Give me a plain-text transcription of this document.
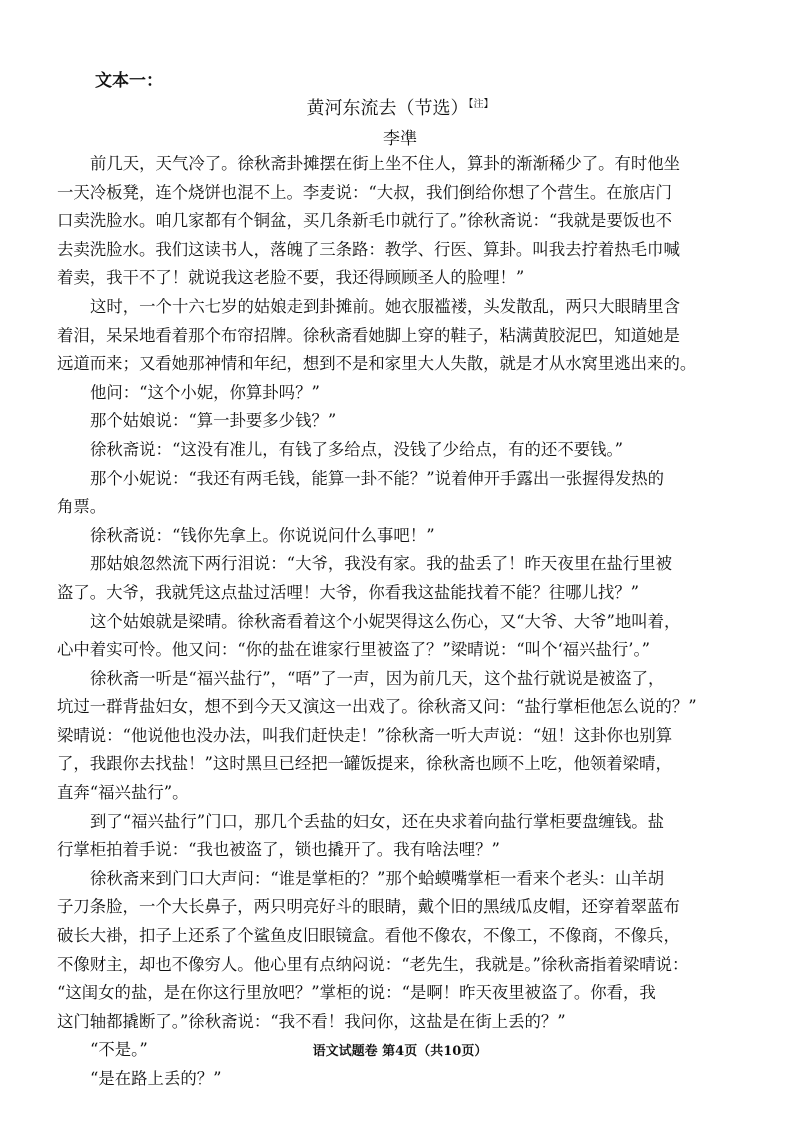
文本一：
黄河东流去（节选）$^{【注】}$
李凖
前几天，天气冷了。徐秋斋卦摊摆在街上坐不住人，算卦的渐渐稀少了。有时他坐
一天冷板凳，连个烧饼也混不上。李麦说：“大叔，我们倒给你想了个营生。在旅店门
口卖洗脸水。咱几家都有个铜盆，买几条新毛巾就行了。”徐秋斋说：“我就是要饭也不
去卖洗脸水。我们这读书人，落魄了三条路：教学、行医、算卦。叫我去拧着热毛巾喊
着卖，我干不了！就说我这老脸不要，我还得顾顾圣人的脸哩！”
这时，一个十六七岁的姑娘走到卦摊前。她衣服褴褛，头发散乱，两只大眼睛里含
着泪，呆呆地看着那个布帘招牌。徐秋斋看她脚上穿的鞋子，粘满黄胶泥巴，知道她是
远道而来；又看她那神情和年纪，想到不是和家里大人失散，就是才从水窝里逃出来的。
他问：“这个小妮，你算卦吗？”
那个姑娘说：“算一卦要多少钱？”
徐秋斋说：“这没有准儿，有钱了多给点，没钱了少给点，有的还不要钱。”
那个小妮说：“我还有两毛钱，能算一卦不能？”说着伸开手露出一张握得发热的
角票。
徐秋斋说：“钱你先拿上。你说说问什么事吧！”
那姑娘忽然流下两行泪说：“大爷，我没有家。我的盐丢了！昨天夜里在盐行里被
盗了。大爷，我就凭这点盐过活哩！大爷，你看我这盐能找着不能？往哪儿找？”
这个姑娘就是梁晴。徐秋斋看着这个小妮哭得这么伤心，又“大爷、大爷”地叫着，
心中着实可怜。他又问：“你的盐在谁家行里被盗了？”梁晴说：“叫个‘福兴盐行’。”
徐秋斋一听是“福兴盐行”，“唔”了一声，因为前几天，这个盐行就说是被盗了，
坑过一群背盐妇女，想不到今天又演这一出戏了。徐秋斋又问：“盐行掌柜他怎么说的？”
梁晴说：“他说他也没办法，叫我们赶快走！”徐秋斋一听大声说：“妞！这卦你也别算
了，我跟你去找盐！”这时黑旦已经把一罐饭提来，徐秋斋也顾不上吃，他领着梁晴，
直奔“福兴盐行”。
到了“福兴盐行”门口，那几个丢盐的妇女，还在央求着向盐行掌柜要盘缠钱。盐
行掌柜拍着手说：“我也被盗了，锁也撬开了。我有啥法哩？”
徐秋斋来到门口大声问：“谁是掌柜的？”那个蛤蟆嘴掌柜一看来个老头：山羊胡
子刀条脸，一个大长鼻子，两只明亮好斗的眼睛，戴个旧的黑绒瓜皮帽，还穿着翠蓝布
破长大褂，扣子上还系了个鲨鱼皮旧眼镜盒。看他不像农，不像工，不像商，不像兵，
不像财主，却也不像穷人。他心里有点纳闷说：“老先生，我就是。”徐秋斋指着梁晴说：
“这闺女的盐，是在你这行里放吧？”掌柜的说：“是啊！昨天夜里被盗了。你看，我
这门轴都撬断了。”徐秋斋说：“我不看！我问你，这盐是在街上丢的？”
“不是。”
“是在路上丢的？”
语文试题卷 第4页（共10页）
